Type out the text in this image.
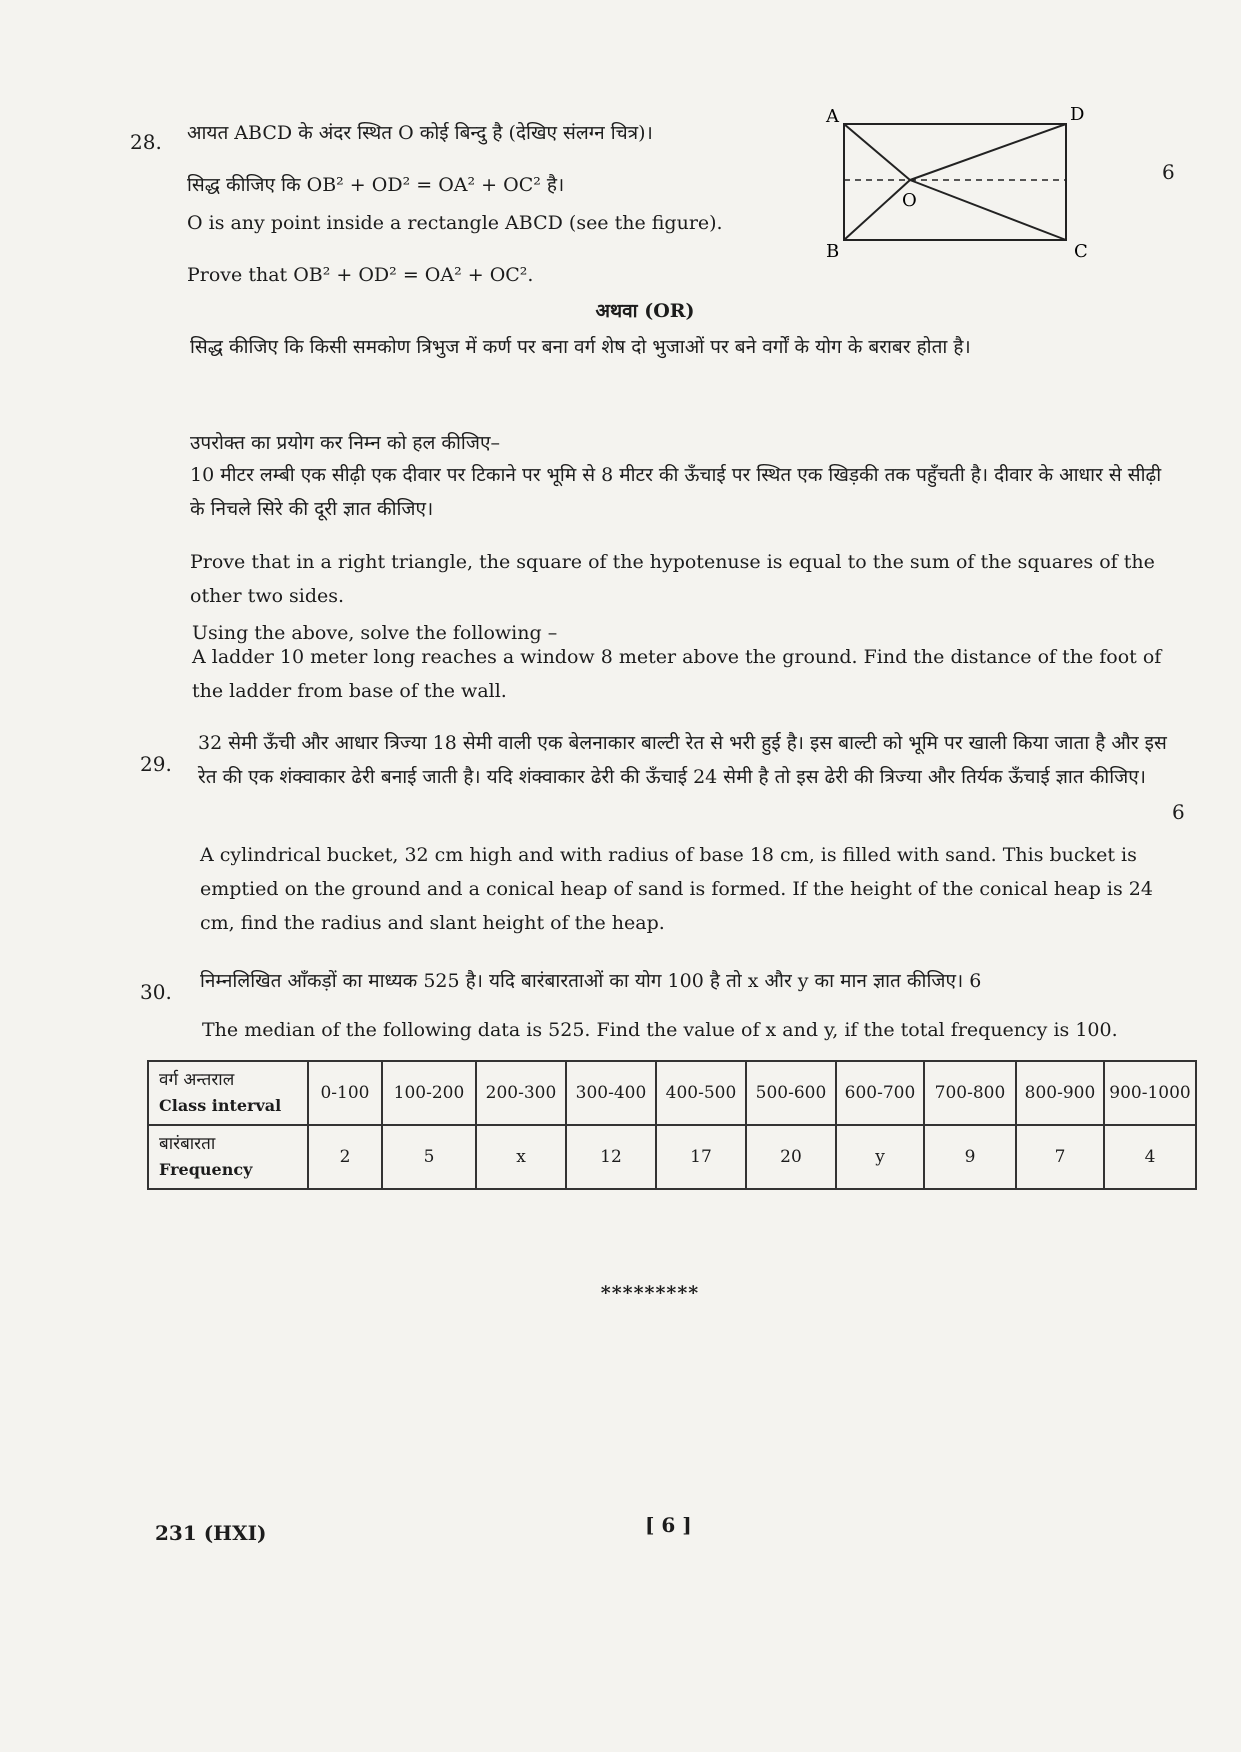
28. आयत ABCD के अंदर स्थित O कोई बिन्दु है (देखिए संलग्न चित्र)।
सिद्ध कीजिए कि OB² + OD² = OA² + OC² है।
O is any point inside a rectangle ABCD (see the figure).
Prove that OB² + OD² = OA² + OC².
6
A	D
B	C
O
अथवा (OR)
सिद्ध कीजिए कि किसी समकोण त्रिभुज में कर्ण पर बना वर्ग शेष दो भुजाओं पर बने वर्गों के योग के बराबर होता है।
उपरोक्त का प्रयोग कर निम्न को हल कीजिए–
10 मीटर लम्बी एक सीढ़ी एक दीवार पर टिकाने पर भूमि से 8 मीटर की ऊँचाई पर स्थित एक खिड़की तक पहुँचती है। दीवार के आधार से सीढ़ी के निचले सिरे की दूरी ज्ञात कीजिए।
Prove that in a right triangle, the square of the hypotenuse is equal to the sum of the squares of the other two sides.
Using the above, solve the following –
A ladder 10 meter long reaches a window 8 meter above the ground. Find the distance of the foot of the ladder from base of the wall.
29.
32 सेमी ऊँची और आधार त्रिज्या 18 सेमी वाली एक बेलनाकार बाल्टी रेत से भरी हुई है। इस बाल्टी को भूमि पर खाली किया जाता है और इस रेत की एक शंक्वाकार ढेरी बनाई जाती है। यदि शंक्वाकार ढेरी की ऊँचाई 24 सेमी है तो इस ढेरी की त्रिज्या और तिर्यक ऊँचाई ज्ञात कीजिए।
6
A cylindrical bucket, 32 cm high and with radius of base 18 cm, is filled with sand. This bucket is emptied on the ground and a conical heap of sand is formed. If the height of the conical heap is 24 cm, find the radius and slant height of the heap.
30. निम्नलिखित आँकड़ों का माध्यक 525 है। यदि बारंबारताओं का योग 100 है तो x और y का मान ज्ञात कीजिए। 6
The median of the following data is 525. Find the value of x and y, if the total frequency is 100.
वर्ग अन्तराल
Class interval	0-100	100-200	200-300	300-400	400-500	500-600	600-700	700-800	800-900	900-1000

बारंबारता
Frequency	2	5	x	12	17	20	y	9	7	4
*********
231 (HXI)	[ 6 ]
